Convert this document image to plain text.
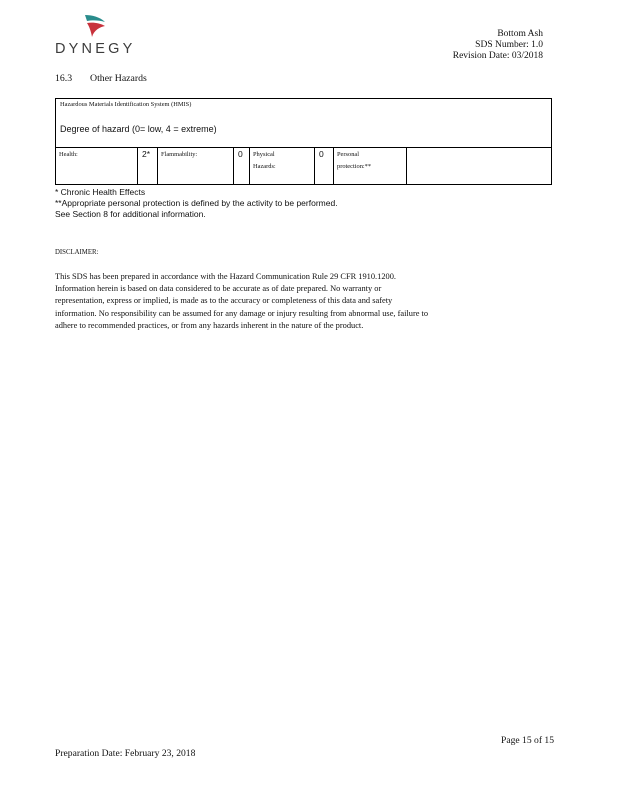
DYNEGY
Bottom Ash
SDS Number: 1.0
Revision Date: 03/2018
16.3 Other Hazards
Hazardous Materials Identification System (HMIS)
Degree of hazard (0= low, 4 = extreme)
Health:	2* Flammability:	0 Physical Hazards:
0 Personal protection:**
* Chronic Health Effects
**Appropriate personal protection is defined by the activity to be performed.
See Section 8 for additional information.
DISCLAIMER:
This SDS has been prepared in accordance with the Hazard Communication Rule 29 CFR 1910.1200.
Information herein is based on data considered to be accurate as of date prepared. No warranty or
representation, express or implied, is made as to the accuracy or completeness of this data and safety
information. No responsibility can be assumed for any damage or injury resulting from abnormal use, failure to
adhere to recommended practices, or from any hazards inherent in the nature of the product.
Page 15 of 15
Preparation Date: February 23, 2018
